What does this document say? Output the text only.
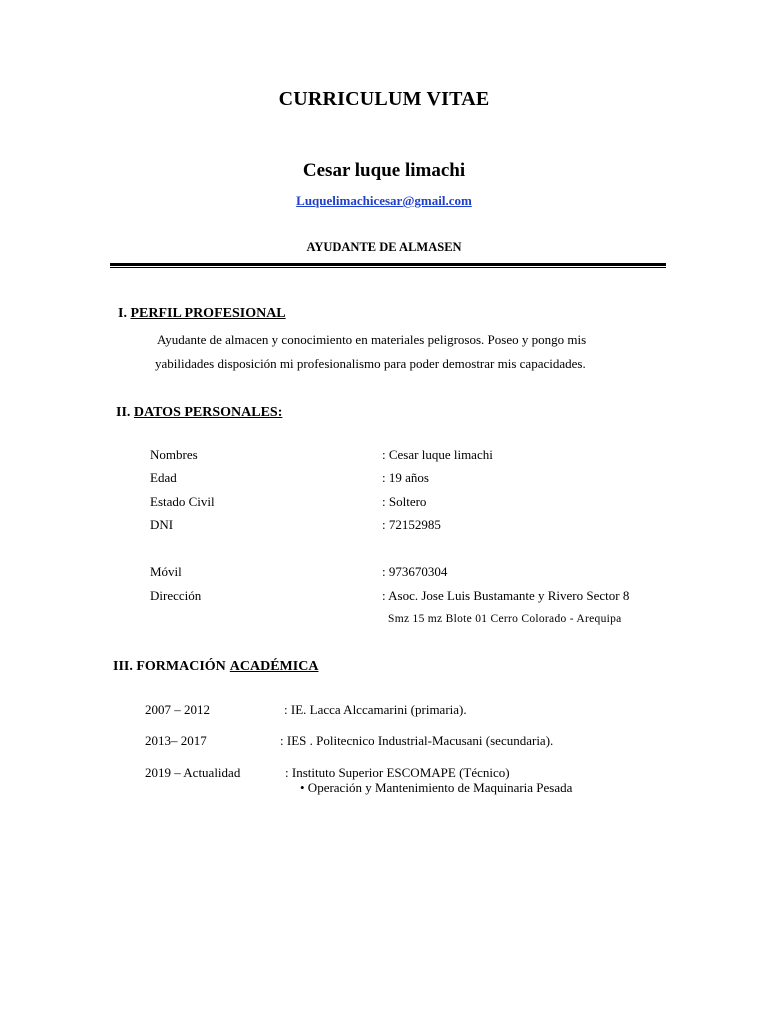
CURRICULUM VITAE
Cesar luque limachi
Luquelimachicesar@gmail.com
AYUDANTE DE ALMASEN
I. PERFIL PROFESIONAL
Ayudante de almacen y conocimiento en materiales peligrosos. Poseo y pongo mis
yabilidades disposición mi profesionalismo para poder demostrar mis capacidades.
II. DATOS PERSONALES:
Nombres	: Cesar luque limachi
Edad	: 19 años
Estado Civil	: Soltero
DNI	: 72152985
Móvil	: 973670304
Dirección	: Asoc. Jose Luis Bustamante y Rivero Sector 8
Smz 15 mz Blote 01 Cerro Colorado - Arequipa
III. FORMACIÓN ACADÉMICA
2007 – 2012	: IE. Lacca Alccamarini (primaria).
2013– 2017	: IES . Politecnico Industrial-Macusani (secundaria).
2019 – Actualidad	: Instituto Superior ESCOMAPE (Técnico)
• Operación y Mantenimiento de Maquinaria Pesada
